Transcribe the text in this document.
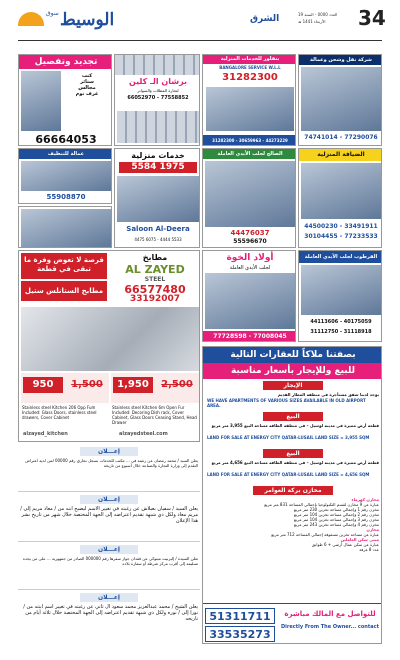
الوسيط
سوق
الشرق	العدد 0000 - السنة 19
الأربعاء 1441 هـ 34
تجديد وتفصيل
كنب
ستائر
مجالس
غرف نوم
66664053
برشان الـ كلين
لتجارة المظلات والسواتر
66052970 - 77558852
بنقلور للخدمات المنزلية
BANGALORE SERVICE W.L.L
31282300
31282300 - 30659963 - 44273229
شركة نقل وشحن وعمالة
74741014 - 77290076
عمالة للتنظيف
55908870
خدمات منزلية
5584 1975
Saloon Al-Deera
4475 6075 - 4444 5533
الصالح لجلب الأيدي العاملة
44476037
55596670
الضيافة المنزلية
44500230 - 33491911
30104455 - 77233533
فرصة لا تعوض وفرة ما تبقى في قطعة
مطابخ
AL ZAYED
STEEL
66577480
33192007
مطابخ الستانلس ستيل
950	1,500	1,950	2,500
Stainless steel Kitchen 206 Opp Fum Included: Glass Doors, stainless steel drawers, Cover Cabinet
Stainless steel Kitchen 6m Open Fur Included: Decoring Dish rack, Cover Cabinet, Glass Doors Ceasing Stand, Head Drawer
alzayed_kitchen	alzayedsteel.com
أولاد الخوة
لجلب الأيدي العاملة
77728598 - 77008045
القرطوب لجلب الأيدي العاملة
44113606 - 40175059
31112750 - 31118918
بصفتنا ملاكاً للعقارات التالية
للبيع وللإيجار بأسعار مناسبة
الإيجار
يوجد لدينا شقق مستأجرة في منطقة المطار القديم
WE HAVE APARTMENTS OF VARIOUS SIZES AVAILABLE IN OLD AIRPORT AREA.
البيع
قطعة أرض مميزة في مدينة لوسيل – في منطقة الطاقة مساحة البيع 3,955 متر مربع
LAND FOR SALE AT ENERGY CITY QATAR-LUSAIL LAND SIZE = 3,955 SQM
البيع
قطعة أرض مميزة في مدينة لوسيل – في منطقة الطاقة مساحة البيع 4,656 متر مربع
LAND FOR SALE AT ENERGY CITY QATAR-LUSAIL LAND SIZE = 4,656 SQM
مخازن بركة العوامر
مخازن كهرماء
عبارة عن 9 مخازن لقسم التكنولوجيا بإجمالي المساحة 831 متر مربع
مخزن رقم 1 وإجمالي مساحة تخزين 230 متر مربع
مخزن رقم 2 وإجمالي مساحة تخزين 104 متر مربع
مخزن رقم 3 وإجمالي مساحة تخزين 104 متر مربع
مخزن رقم 4 وإجمالي مساحة تخزين 243 متر مربع
مخازن
عبارة عن مساحة تخزين مسقوفة إجمالي المساحة 712 متر مربع
مبنى سكن العاملين
عبارة عن سكن عمال أرضي + 6 طوابق
عدد 8 غرفة
51311711
33535273
للتواصل مع المالك مباشرة
Directly From The Owner... contact
إعـــلان
يعلن السيد / محمد رمضان عن رغبته في ... مكتب للخدمات بسجل تجاري رقم 00000 لمن لديه اعتراض التقدم إلى وزارة التجارة والصناعة خلال أسبوع من تاريخه
إعـــلان
يعلن السيد / سفيان بعبلاش عن رغبته في تغيير الاسم ليصبح ابنه من / معاذ مريم إلى / مريم معاذ ولكل ذي شبهة تقديم اعتراضه إلى الجهة المختصة خلال شهر من تاريخ نشر هذا الإعلان
إعـــلان
تعلن السيدة / إليزبيث ميتوكي عن فقدان جواز سفرها رقم 000000 الصادر من جمهورية ... على من يجده تسليمه إلى أقرب مركز شرطة أو سفارة بلاده
إعـــلان
يعلن الشيخ / محمد عبدالعزيز محمد سعود آل ثاني عن رغبته في تغيير أسم ابنته من / نورا إلى / نوره ولكل ذي شبهة تقديم اعتراضه إلى الجهة المختصة خلال ثلاثة أيام من تاريخه
